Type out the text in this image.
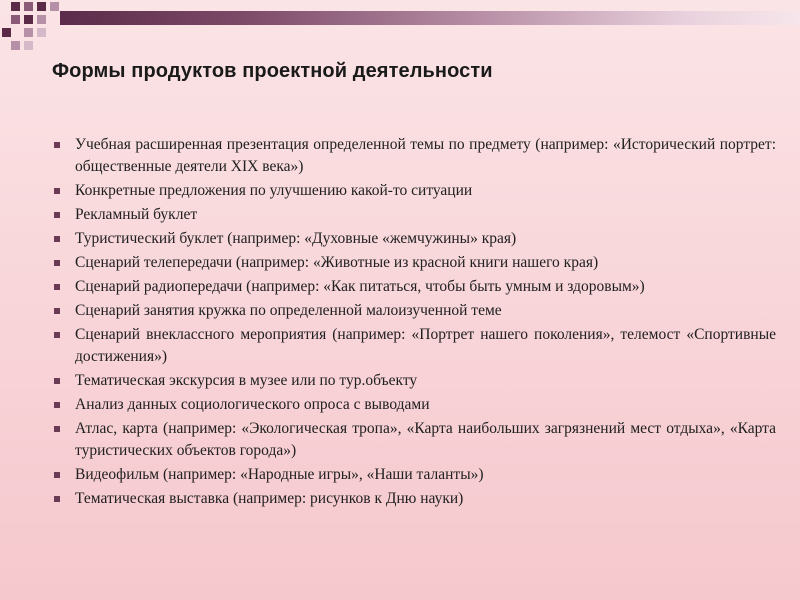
Формы продуктов проектной деятельности
Учебная расширенная презентация определенной темы по предмету (например: «Исторический портрет: общественные деятели XIX века»)
Конкретные предложения по улучшению какой-то ситуации
Рекламный буклет
Туристический буклет (например: «Духовные «жемчужины» края)
Сценарий телепередачи (например: «Животные из красной книги нашего края)
Сценарий радиопередачи (например: «Как питаться, чтобы быть умным и здоровым»)
Сценарий занятия кружка по определенной малоизученной теме
Сценарий внеклассного мероприятия (например: «Портрет нашего поколения», телемост «Спортивные достижения»)
Тематическая экскурсия в музее или по тур.объекту
Анализ данных социологического опроса с выводами
Атлас, карта (например: «Экологическая тропа», «Карта наибольших загрязнений мест отдыха», «Карта туристических объектов города»)
Видеофильм (например: «Народные игры», «Наши таланты»)
Тематическая выставка (например: рисунков к Дню науки)
